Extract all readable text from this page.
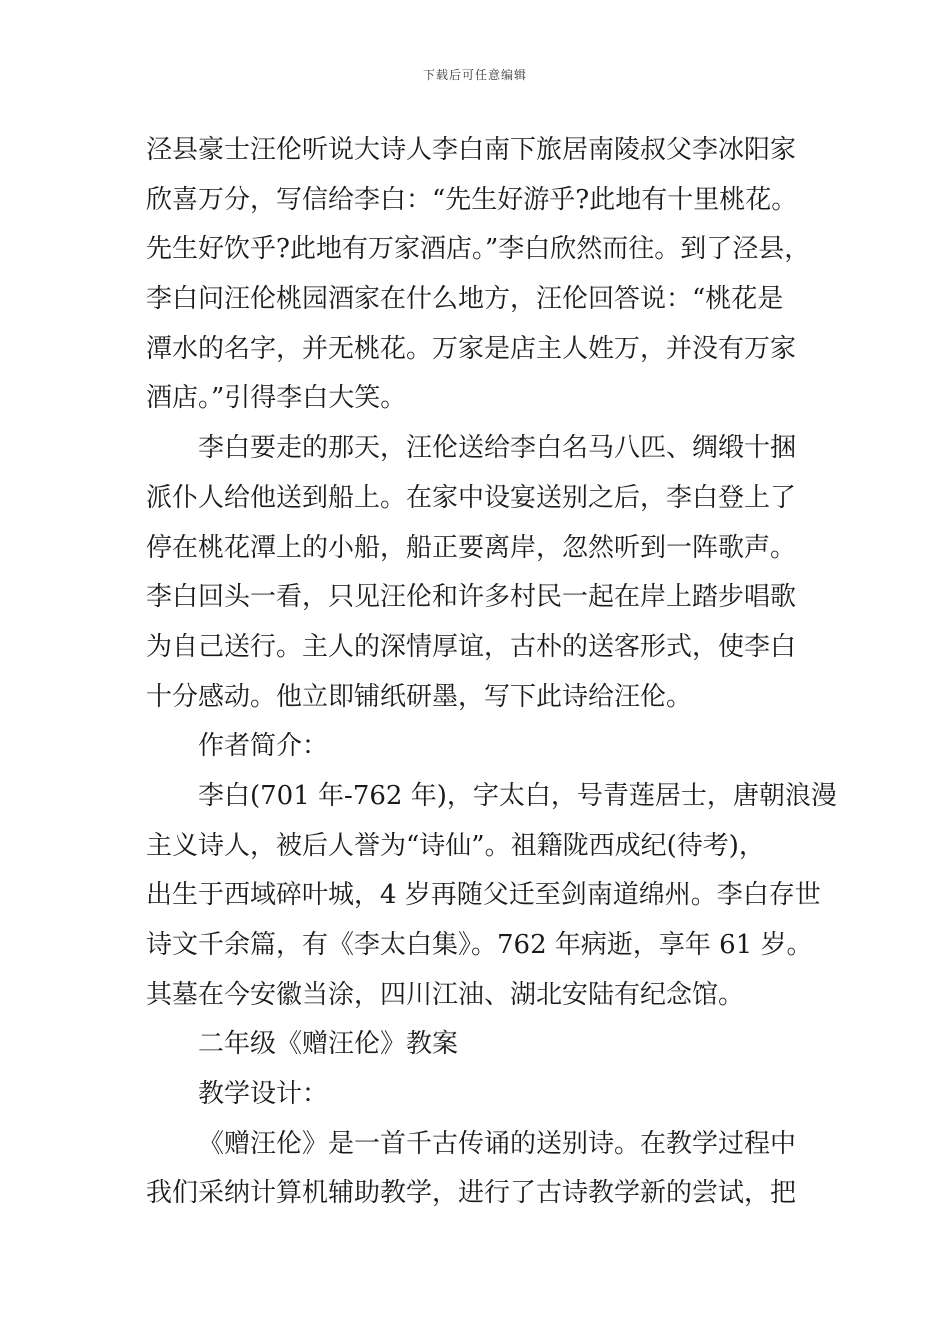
下载后可任意编辑
泾县豪士汪伦听说大诗人李白南下旅居南陵叔父李冰阳家
欣喜万分，写信给李白：“先生好游乎?此地有十里桃花。
先生好饮乎?此地有万家酒店。”李白欣然而往。到了泾县，
李白问汪伦桃园酒家在什么地方，汪伦回答说：“桃花是
潭水的名字，并无桃花。万家是店主人姓万，并没有万家
酒店。”引得李白大笑。
李白要走的那天，汪伦送给李白名马八匹、绸缎十捆
派仆人给他送到船上。在家中设宴送别之后，李白登上了
停在桃花潭上的小船，船正要离岸，忽然听到一阵歌声。
李白回头一看，只见汪伦和许多村民一起在岸上踏步唱歌
为自己送行。主人的深情厚谊，古朴的送客形式，使李白
十分感动。他立即铺纸研墨，写下此诗给汪伦。
作者简介：
李白(701 年-762 年)，字太白，号青莲居士，唐朝浪漫
主义诗人，被后人誉为“诗仙”。祖籍陇西成纪(待考)，
出生于西域碎叶城，4 岁再随父迁至剑南道绵州。李白存世
诗文千余篇，有《李太白集》。762 年病逝，享年 61 岁。
其墓在今安徽当涂，四川江油、湖北安陆有纪念馆。
二年级《赠汪伦》教案
教学设计：
《赠汪伦》是一首千古传诵的送别诗。在教学过程中
我们采纳计算机辅助教学，进行了古诗教学新的尝试，把
